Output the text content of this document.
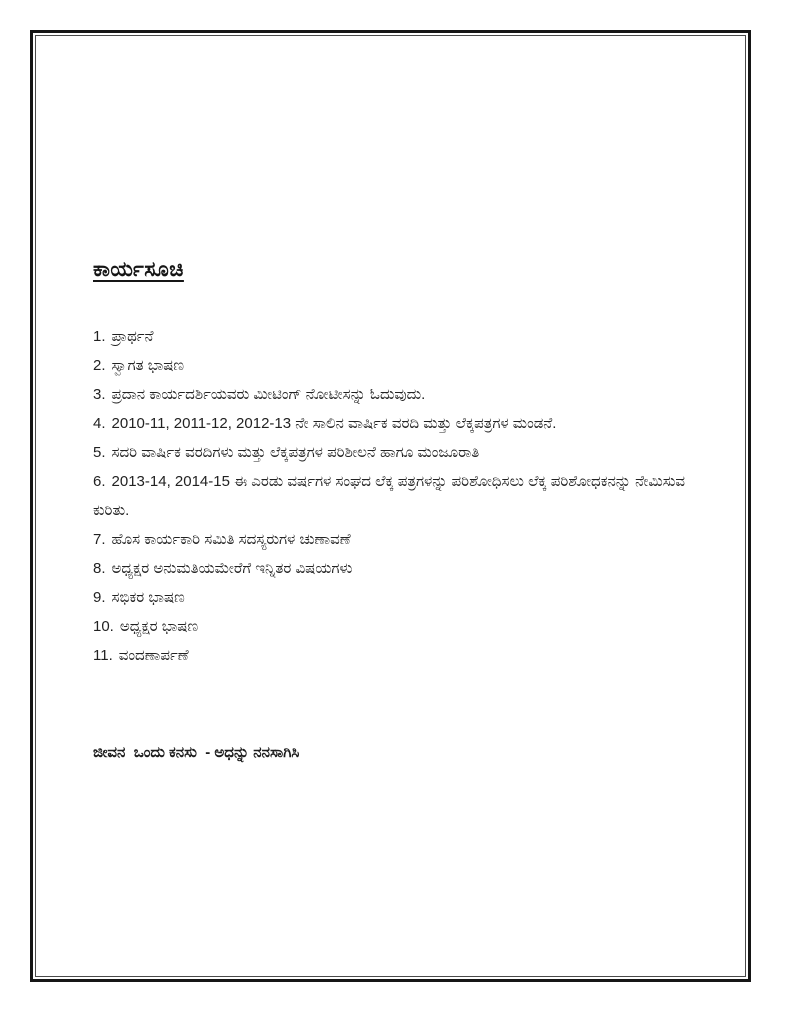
ಕಾರ್ಯಸೂಚಿ
1. ಪ್ರಾರ್ಥನೆ
2. ಸ್ವಾಗತ ಭಾಷಣ
3. ಪ್ರದಾನ ಕಾರ್ಯದರ್ಶಿಯವರು ಮೀಟಿಂಗ್ ನೋಟೀಸನ್ನು ಓದುವುದು.
4. 2010-11, 2011-12, 2012-13 ನೇ ಸಾಲಿನ ವಾರ್ಷಿಕ ವರದಿ ಮತ್ತು ಲೆಕ್ಕಪತ್ರಗಳ ಮಂಡನೆ.
5. ಸದರಿ ವಾರ್ಷಿಕ ವರದಿಗಳು ಮತ್ತು ಲೆಕ್ಕಪತ್ರಗಳ ಪರಿಶೀಲನೆ ಹಾಗೂ ಮಂಜೂರಾತಿ
6. 2013-14, 2014-15 ಈ ಎರಡು ವರ್ಷಗಳ ಸಂಘದ ಲೆಕ್ಕ ಪತ್ರಗಳನ್ನು ಪರಿಶೋಧಿಸಲು ಲೆಕ್ಕ ಪರಿಶೋಧಕನನ್ನು ನೇಮಿಸುವ ಕುರಿತು.
7. ಹೊಸ ಕಾರ್ಯಕಾರಿ ಸಮಿತಿ ಸದಸ್ಯರುಗಳ ಚುಣಾವಣೆ
8. ಅಧ್ಯಕ್ಷರ ಅನುಮತಿಯಮೇರೆಗೆ ಇನ್ನಿತರ ವಿಷಯಗಳು
9. ಸಭಿಕರ ಭಾಷಣ
10. ಅಧ್ಯಕ್ಷರ ಭಾಷಣ
11. ವಂದಣಾರ್ಪಣೆ
ಜೀವನ  ಒಂದು ಕನಸು  - ಅಧನ್ನು ನನಸಾಗಿಸಿ
